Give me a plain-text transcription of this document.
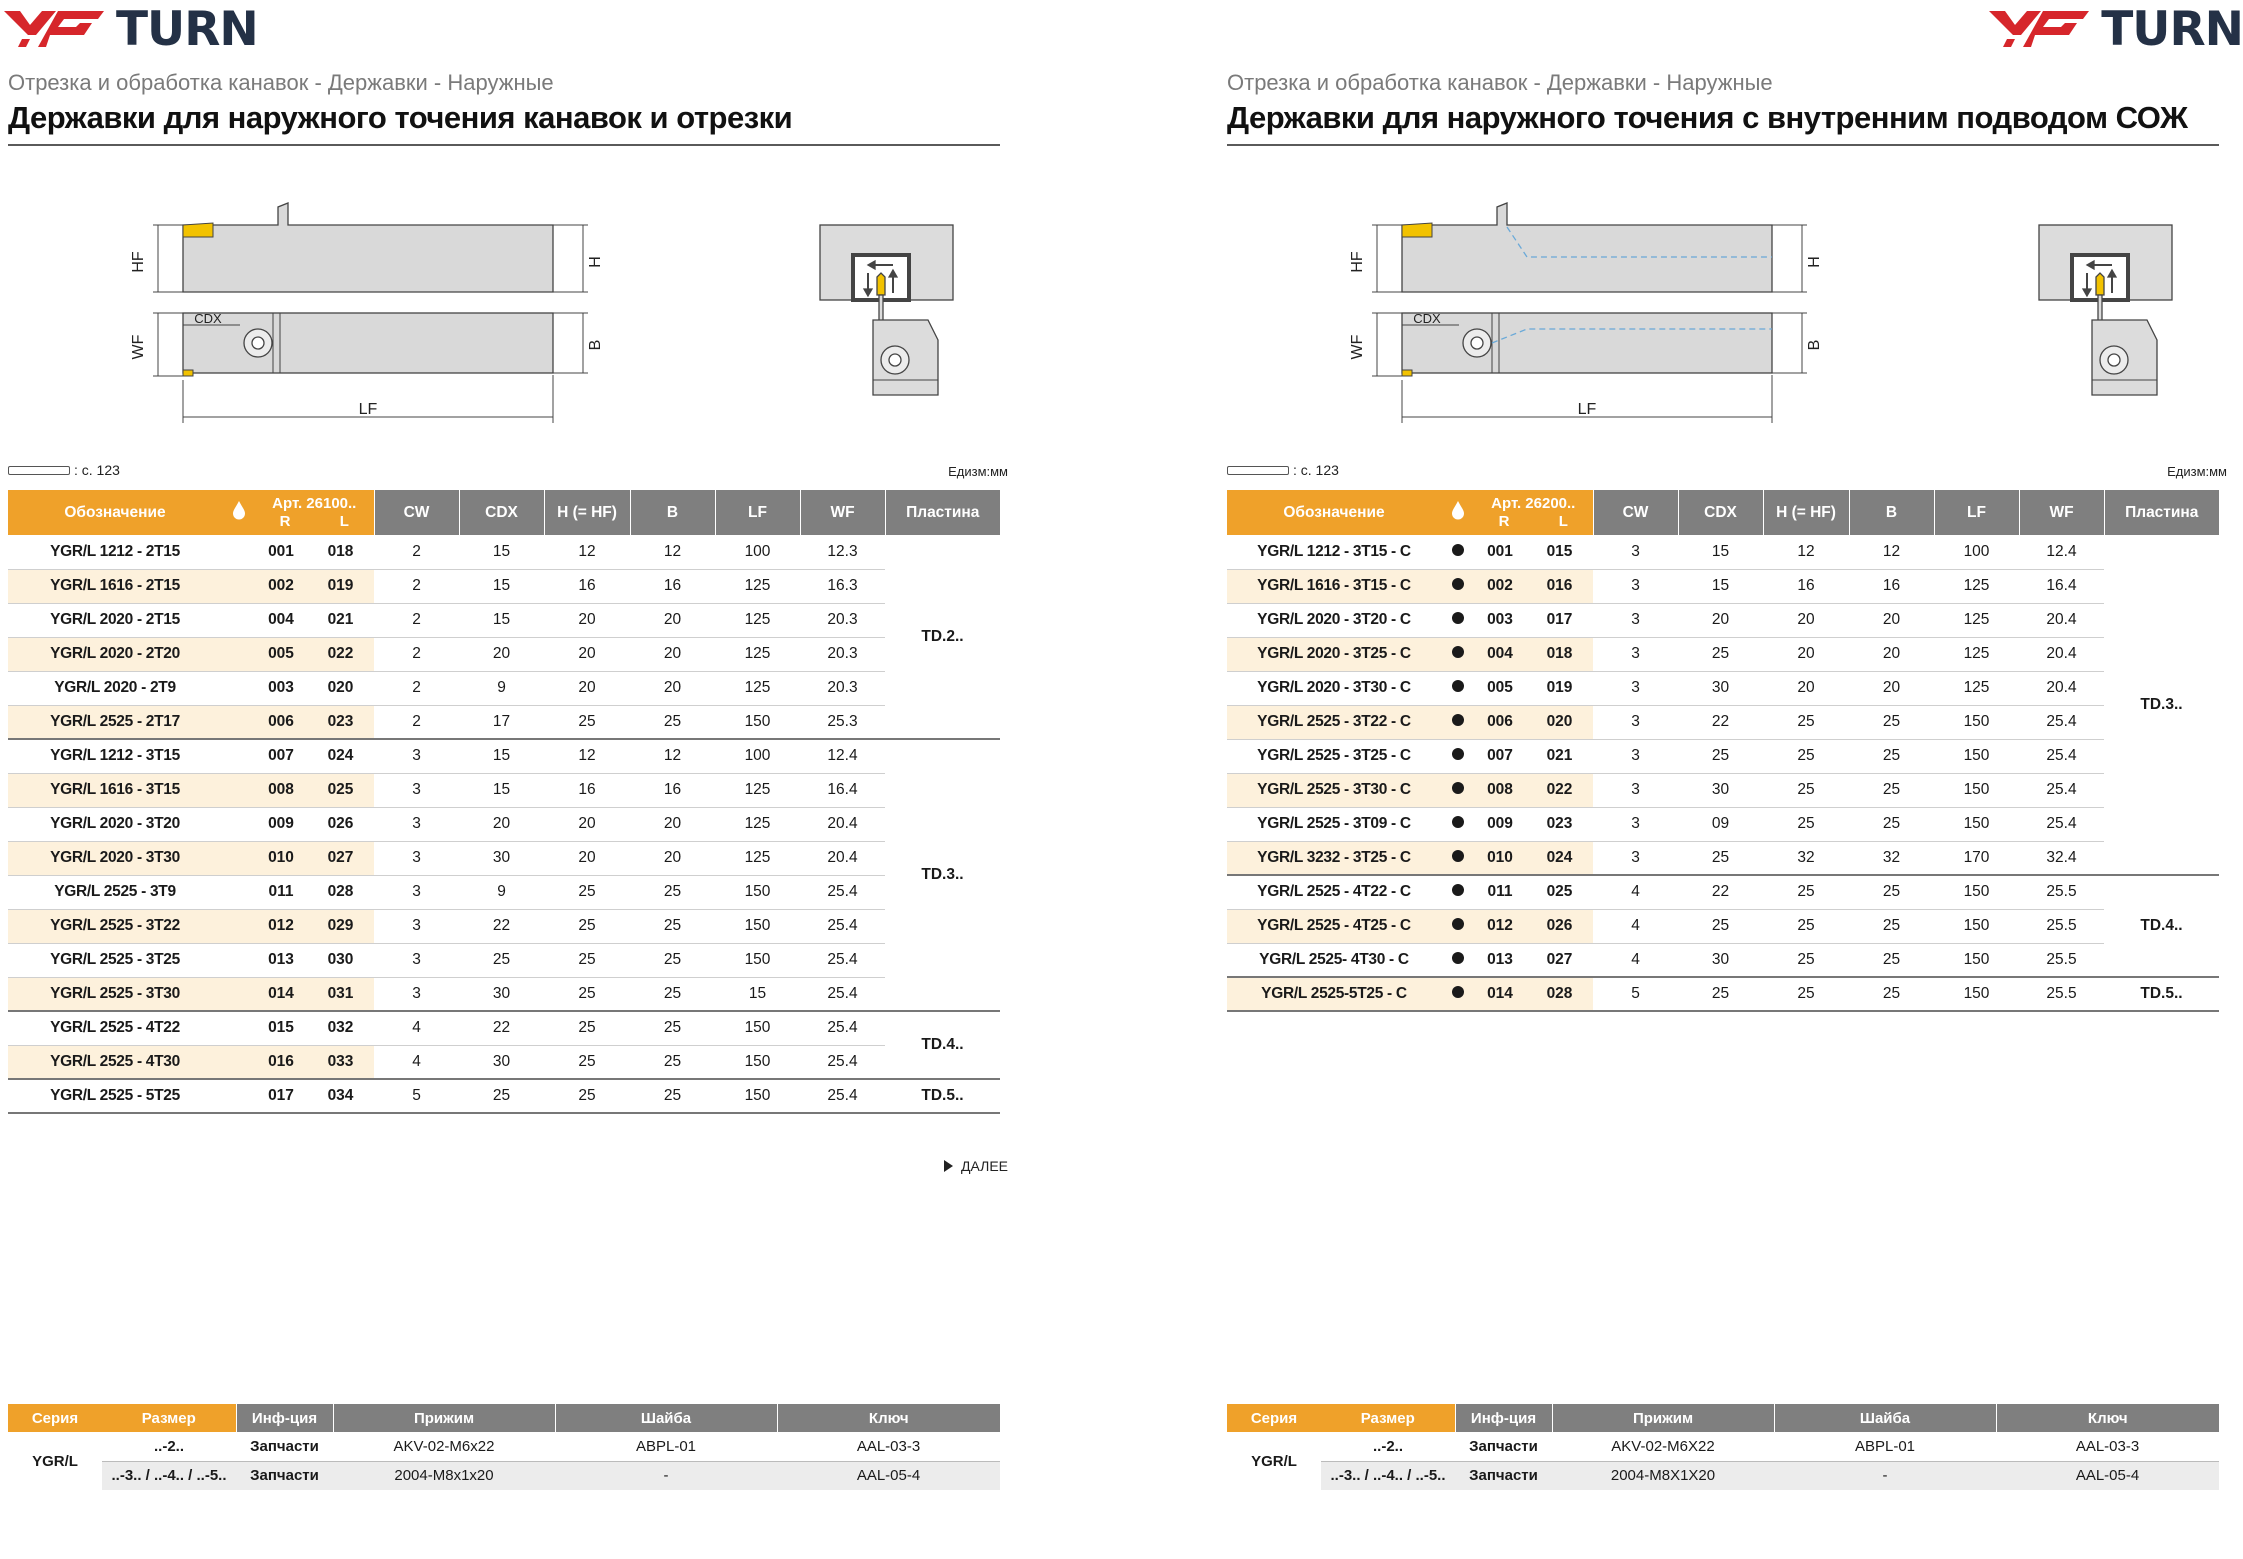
TURN
Отрезка и обработка канавок - Державки - Наружные
Державки для наружного точения канавок и отрезки
HF	H
WF	B
CDX
LF
: с. 123	Едизм:мм
Обозначение		Арт. 26100..
R L		CW	CDX	H (= HF)	B	LF	WF	Пластина
YGR/L 1212 - 2T15		001	018	2	15	12	12	100	12.3	TD.2..
YGR/L 1616 - 2T15		002	019	2	15	16	16	125	16.3	
YGR/L 2020 - 2T15		004	021	2	15	20	20	125	20.3	
YGR/L 2020 - 2T20		005	022	2	20	20	20	125	20.3	
YGR/L 2020 - 2T9		003	020	2	9	20	20	125	20.3	
YGR/L 2525 - 2T17		006	023	2	17	25	25	150	25.3	
YGR/L 1212 - 3T15		007	024	3	15	12	12	100	12.4	TD.3..
YGR/L 1616 - 3T15		008	025	3	15	16	16	125	16.4	
YGR/L 2020 - 3T20		009	026	3	20	20	20	125	20.4	
YGR/L 2020 - 3T30		010	027	3	30	20	20	125	20.4	
YGR/L 2525 - 3T9		011	028	3	9	25	25	150	25.4	
YGR/L 2525 - 3T22		012	029	3	22	25	25	150	25.4	
YGR/L 2525 - 3T25		013	030	3	25	25	25	150	25.4	
YGR/L 2525 - 3T30		014	031	3	30	25	25	15	25.4	
YGR/L 2525 - 4T22		015	032	4	22	25	25	150	25.4	TD.4..
YGR/L 2525 - 4T30		016	033	4	30	25	25	150	25.4	
YGR/L 2525 - 5T25		017	034	5	25	25	25	150	25.4	TD.5..
Серия	Размер	Инф-ция	Прижим	Шайба	Ключ
YGR/L	..-2..	Запчасти	AKV-02-M6x22	ABPL-01	AAL-03-3
	..-3.. / ..-4.. / ..-5..	Запчасти	2004-M8x1x20	-	AAL-05-4
ДАЛЕЕ
TURN
Отрезка и обработка канавок - Державки - Наружные
Державки для наружного точения с внутренним подводом СОЖ
HF	H
WF	B
CDX
LF
: с. 123	Едизм:мм
Обозначение		Арт. 26200..
R L		CW	CDX	H (= HF)	B	LF	WF	Пластина
YGR/L 1212 - 3T15 - C		001	015	3	15	12	12	100	12.4	TD.3..
YGR/L 1616 - 3T15 - C		002	016	3	15	16	16	125	16.4	
YGR/L 2020 - 3T20 - C		003	017	3	20	20	20	125	20.4	
YGR/L 2020 - 3T25 - C		004	018	3	25	20	20	125	20.4	
YGR/L 2020 - 3T30 - C		005	019	3	30	20	20	125	20.4	
YGR/L 2525 - 3T22 - C		006	020	3	22	25	25	150	25.4	
YGR/L 2525 - 3T25 - C		007	021	3	25	25	25	150	25.4	
YGR/L 2525 - 3T30 - C		008	022	3	30	25	25	150	25.4	
YGR/L 2525 - 3T09 - C		009	023	3	09	25	25	150	25.4	
YGR/L 3232 - 3T25 - C		010	024	3	25	32	32	170	32.4	
YGR/L 2525 - 4T22 - C		011	025	4	22	25	25	150	25.5	TD.4..
YGR/L 2525 - 4T25 - C		012	026	4	25	25	25	150	25.5	
YGR/L 2525- 4T30 - C		013	027	4	30	25	25	150	25.5	
YGR/L 2525-5T25 - C		014	028	5	25	25	25	150	25.5	TD.5..
Серия	Размер	Инф-ция	Прижим	Шайба	Ключ
YGR/L	..-2..	Запчасти	AKV-02-M6X22	ABPL-01	AAL-03-3
	..-3.. / ..-4.. / ..-5..	Запчасти	2004-M8X1X20	-	AAL-05-4
